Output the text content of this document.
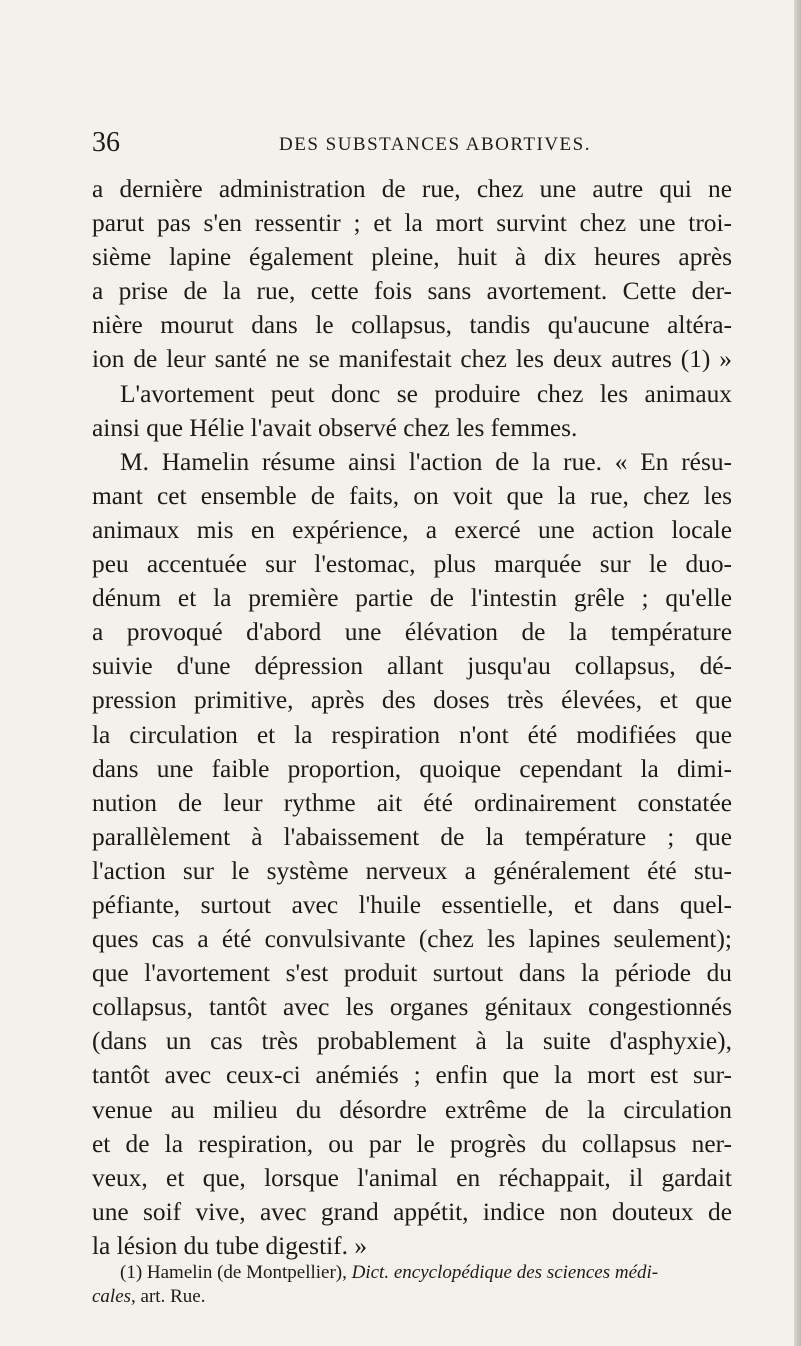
36	DES SUBSTANCES ABORTIVES.
a dernière administration de rue, chez une autre qui ne
parut pas s'en ressentir ; et la mort survint chez une troi-
sième lapine également pleine, huit à dix heures après
a prise de la rue, cette fois sans avortement. Cette der-
nière mourut dans le collapsus, tandis qu'aucune altéra-
ion de leur santé ne se manifestait chez les deux autres (1) »
L'avortement peut donc se produire chez les animaux
ainsi que Hélie l'avait observé chez les femmes.
M. Hamelin résume ainsi l'action de la rue. « En résu-
mant cet ensemble de faits, on voit que la rue, chez les
animaux mis en expérience, a exercé une action locale
peu accentuée sur l'estomac, plus marquée sur le duo-
dénum et la première partie de l'intestin grêle ; qu'elle
a provoqué d'abord une élévation de la température
suivie d'une dépression allant jusqu'au collapsus, dé-
pression primitive, après des doses très élevées, et que
la circulation et la respiration n'ont été modifiées que
dans une faible proportion, quoique cependant la dimi-
nution de leur rythme ait été ordinairement constatée
parallèlement à l'abaissement de la température ; que
l'action sur le système nerveux a généralement été stu-
péfiante, surtout avec l'huile essentielle, et dans quel-
ques cas a été convulsivante (chez les lapines seulement);
que l'avortement s'est produit surtout dans la période du
collapsus, tantôt avec les organes génitaux congestionnés
(dans un cas très probablement à la suite d'asphyxie),
tantôt avec ceux-ci anémiés ; enfin que la mort est sur-
venue au milieu du désordre extrême de la circulation
et de la respiration, ou par le progrès du collapsus ner-
veux, et que, lorsque l'animal en réchappait, il gardait
une soif vive, avec grand appétit, indice non douteux de
la lésion du tube digestif. »
(1) Hamelin (de Montpellier), Dict. encyclopédique des sciences médi-
cales, art. Rue.
